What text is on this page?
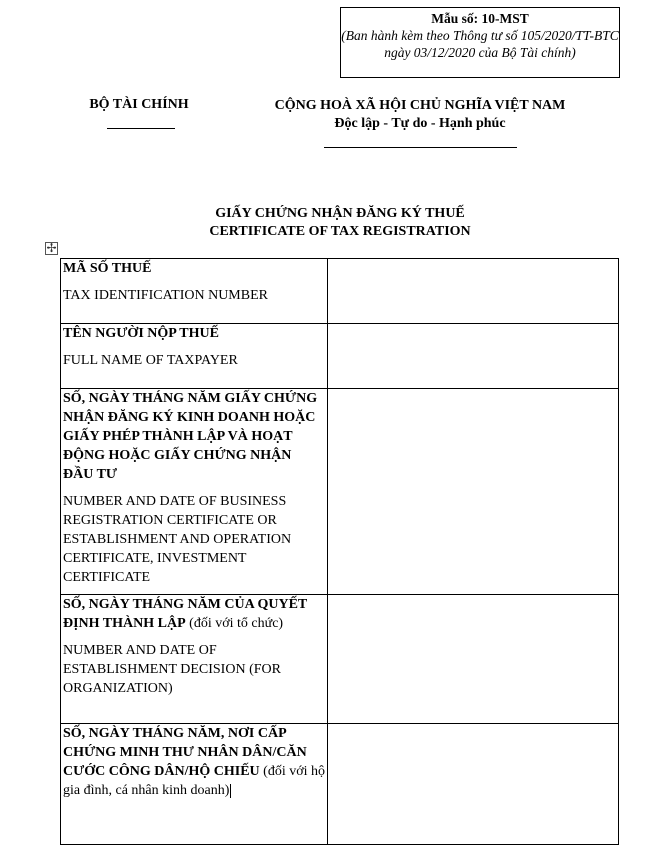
Mẫu số: 10-MST
(Ban hành kèm theo Thông tư số 105/2020/TT-BTC ngày 03/12/2020 của Bộ Tài chính)
BỘ TÀI CHÍNH	CỘNG HOÀ XÃ HỘI CHỦ NGHĨA VIỆT NAM
Độc lập - Tự do - Hạnh phúc
GIẤY CHỨNG NHẬN ĐĂNG KÝ THUẾ
CERTIFICATE OF TAX REGISTRATION
✢
MÃ SỐ THUẾ
TAX IDENTIFICATION NUMBER	

TÊN NGƯỜI NỘP THUẾ
FULL NAME OF TAXPAYER	

SỐ, NGÀY THÁNG NĂM GIẤY CHỨNG NHẬN ĐĂNG KÝ KINH DOANH HOẶC GIẤY PHÉP THÀNH LẬP VÀ HOẠT ĐỘNG HOẶC GIẤY CHỨNG NHẬN ĐẦU TƯ
NUMBER AND DATE OF BUSINESS REGISTRATION CERTIFICATE OR ESTABLISHMENT AND OPERATION CERTIFICATE, INVESTMENT CERTIFICATE	

SỐ, NGÀY THÁNG NĂM CỦA QUYẾT ĐỊNH THÀNH LẬP (đối với tổ chức)
NUMBER AND DATE OF ESTABLISHMENT DECISION (FOR ORGANIZATION)	

SỐ, NGÀY THÁNG NĂM, NƠI CẤP CHỨNG MINH THƯ NHÂN DÂN/CĂN CƯỚC CÔNG DÂN/HỘ CHIẾU (đối với hộ gia đình, cá nhân kinh doanh)	
